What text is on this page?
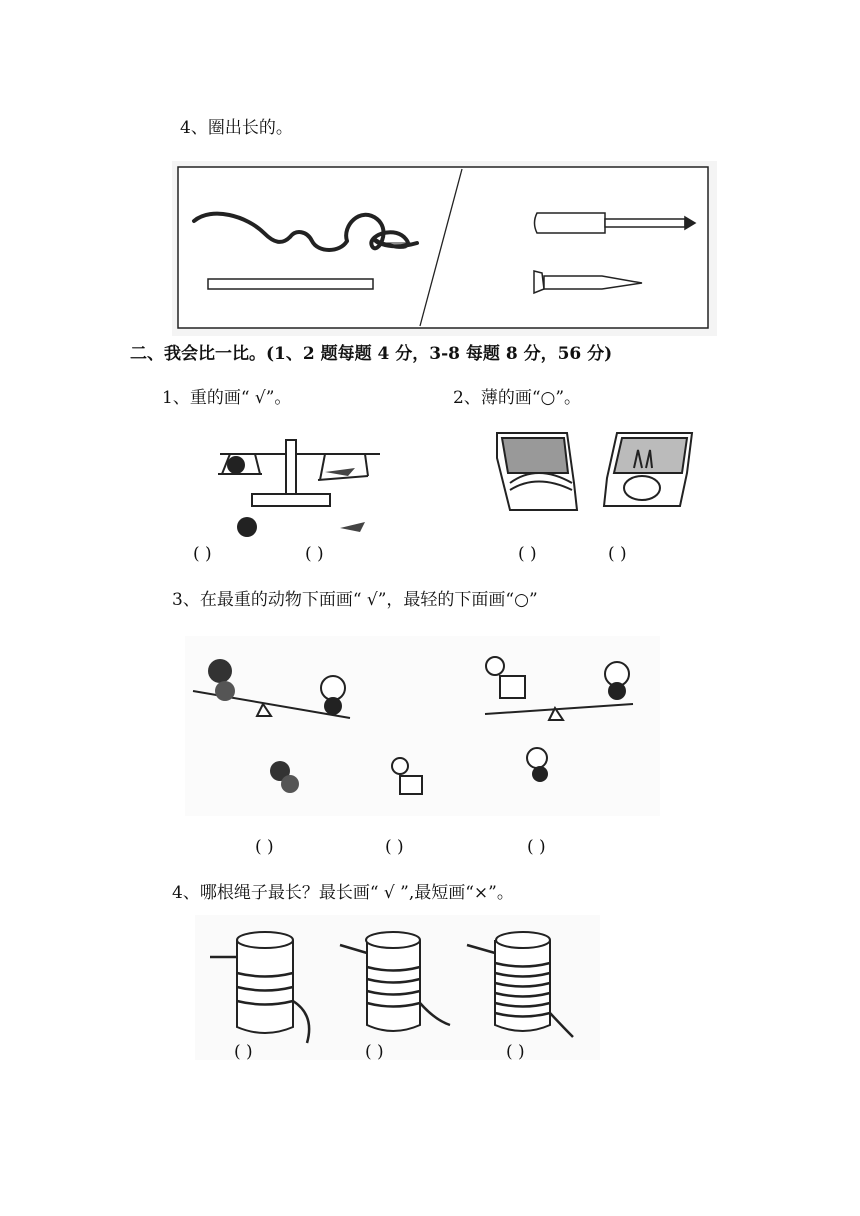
4、圈出长的。
二、我会比一比。(1、2 题每题 4 分，3-8 每题 8 分，56 分)
1、重的画“ √”。
( )	( )
2、薄的画“○”。
( )	( )
3、在最重的动物下面画“ √”，最轻的下面画“○”
( )	( )	( )
4、哪根绳子最长？最长画“ √ ”,最短画“×”。
( )	( )	( )
